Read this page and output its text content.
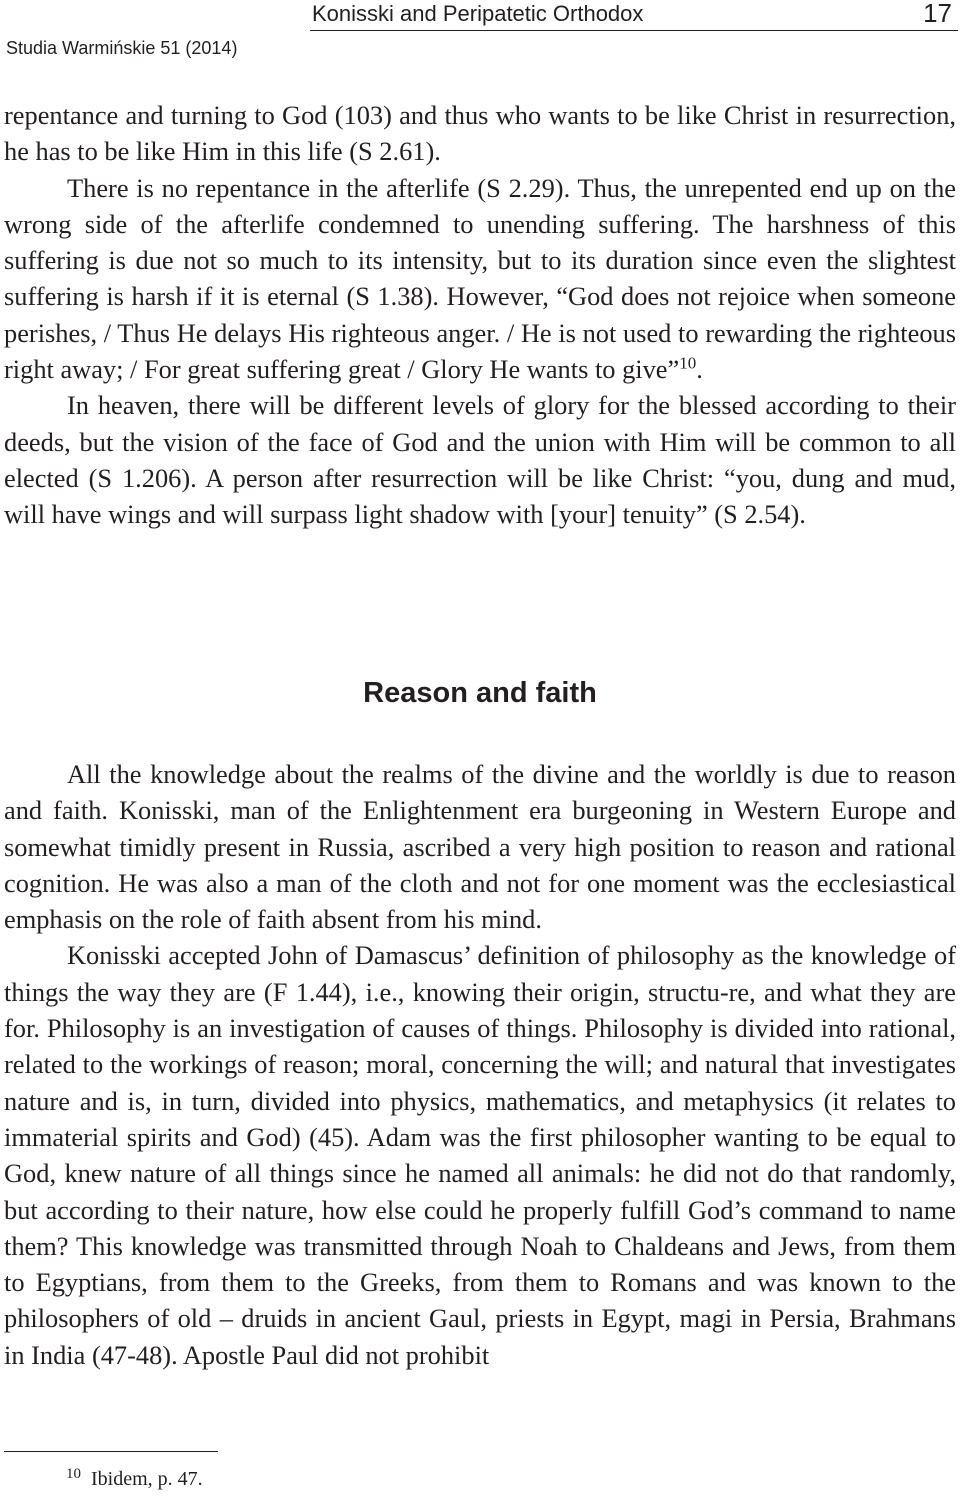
Konisski and Peripatetic Orthodox	17
Studia Warmińskie 51 (2014)

repentance and turning to God (103) and thus who wants to be like Christ in resurrection, he has to be like Him in this life (S 2.61).

There is no repentance in the afterlife (S 2.29). Thus, the unrepented end up on the wrong side of the afterlife condemned to unending suffering. The harshness of this suffering is due not so much to its intensity, but to its duration since even the slightest suffering is harsh if it is eternal (S 1.38). However, “God does not rejoice when someone perishes, / Thus He delays His righteous anger. / He is not used to rewarding the righteous right away; / For great suffering great / Glory He wants to give”$^{10}$.

In heaven, there will be different levels of glory for the blessed according to their deeds, but the vision of the face of God and the union with Him will be common to all elected (S 1.206). A person after resurrection will be like Christ: “you, dung and mud, will have wings and will surpass light shadow with [your] tenuity” (S 2.54).

Reason and faith

All the knowledge about the realms of the divine and the worldly is due to reason and faith. Konisski, man of the Enlightenment era burgeoning in Western Europe and somewhat timidly present in Russia, ascribed a very high position to reason and rational cognition. He was also a man of the cloth and not for one moment was the ecclesiastical emphasis on the role of faith absent from his mind.

Konisski accepted John of Damascus’ definition of philosophy as the knowledge of things the way they are (F 1.44), i.e., knowing their origin, structu-re, and what they are for. Philosophy is an investigation of causes of things. Philosophy is divided into rational, related to the workings of reason; moral, concerning the will; and natural that investigates nature and is, in turn, divided into physics, mathematics, and metaphysics (it relates to immaterial spirits and God) (45). Adam was the first philosopher wanting to be equal to God, knew nature of all things since he named all animals: he did not do that randomly, but according to their nature, how else could he properly fulfill God’s command to name them? This knowledge was transmitted through Noah to Chaldeans and Jews, from them to Egyptians, from them to the Greeks, from them to Romans and was known to the philosophers of old – druids in ancient Gaul, priests in Egypt, magi in Persia, Brahmans in India (47-48). Apostle Paul did not prohibit

$^{10}$ Ibidem, p. 47.
